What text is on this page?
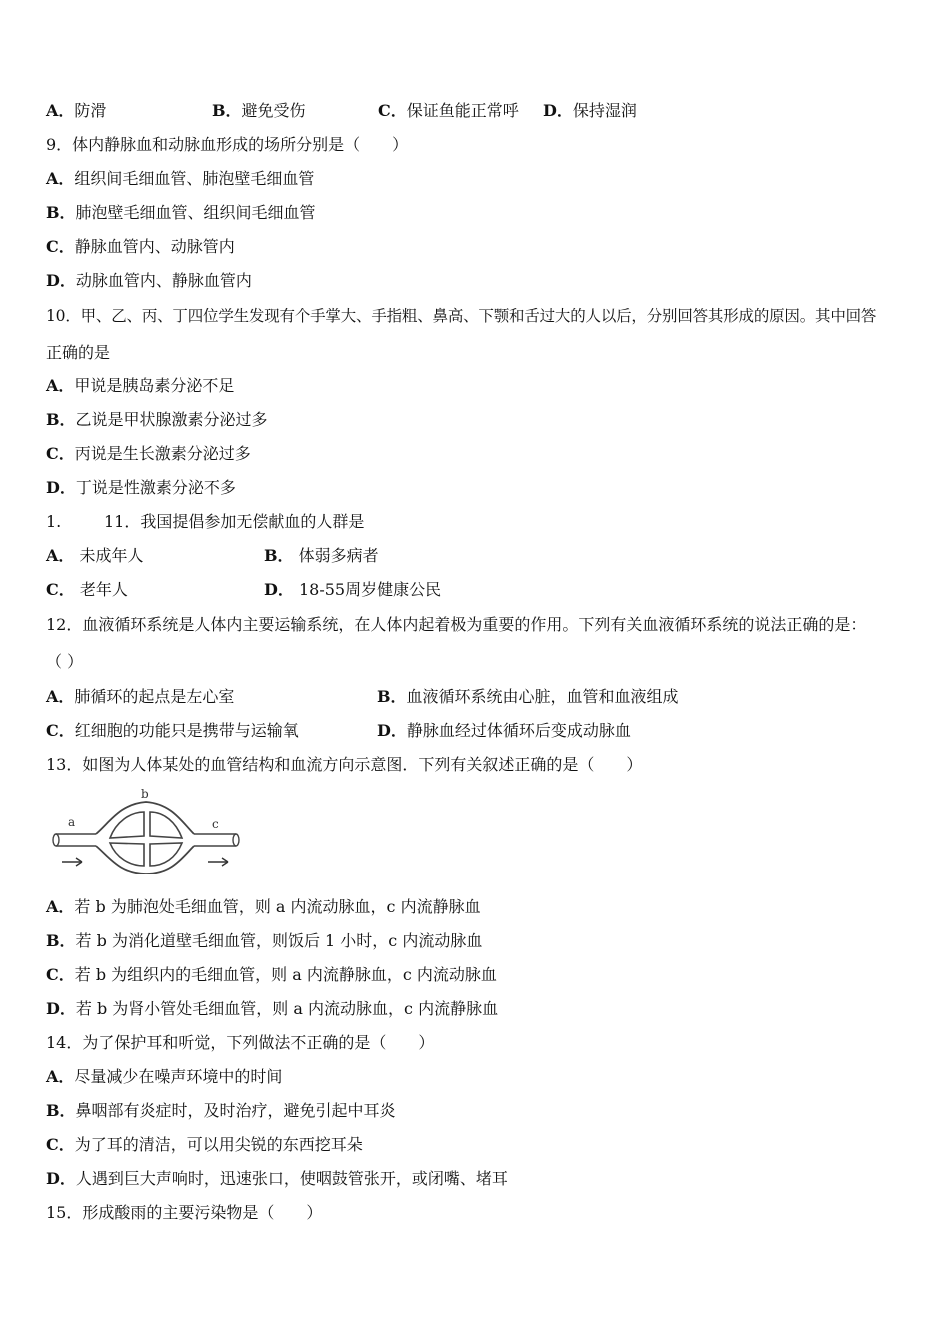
A．防滑	B．避免受伤	C．保证鱼能正常呼 D．保持湿润
9．体内静脉血和动脉血形成的场所分别是（　　）
A．组织间毛细血管、肺泡壁毛细血管
B．肺泡壁毛细血管、组织间毛细血管
C．静脉血管内、动脉管内
D．动脉血管内、静脉血管内
10．甲、乙、丙、丁四位学生发现有个手掌大、手指粗、鼻高、下颚和舌过大的人以后，分别回答其形成的原因。其中回答
正确的是
A．甲说是胰岛素分泌不足
B．乙说是甲状腺激素分泌过多
C．丙说是生长激素分泌过多
D．丁说是性激素分泌不多
1.	11．我国提倡参加无偿献血的人群是
A． 未成年人	B． 体弱多病者
C． 老年人	D． 18-55周岁健康公民
12．血液循环系统是人体内主要运输系统，在人体内起着极为重要的作用。下列有关血液循环系统的说法正确的是：
（ ）
A．肺循环的起点是左心室	B．血液循环系统由心脏，血管和血液组成
C．红细胞的功能只是携带与运输氧	D．静脉血经过体循环后变成动脉血
13．如图为人体某处的血管结构和血流方向示意图．下列有关叙述正确的是（　　）
a
b
c
A．若 b 为肺泡处毛细血管，则 a 内流动脉血，c 内流静脉血
B．若 b 为消化道壁毛细血管，则饭后 1 小时，c 内流动脉血
C．若 b 为组织内的毛细血管，则 a 内流静脉血，c 内流动脉血
D．若 b 为肾小管处毛细血管，则 a 内流动脉血，c 内流静脉血
14．为了保护耳和听觉，下列做法不正确的是（　　）
A．尽量减少在噪声环境中的时间
B．鼻咽部有炎症时，及时治疗，避免引起中耳炎
C．为了耳的清洁，可以用尖锐的东西挖耳朵
D．人遇到巨大声响时，迅速张口，使咽鼓管张开，或闭嘴、堵耳
15．形成酸雨的主要污染物是（　　）
